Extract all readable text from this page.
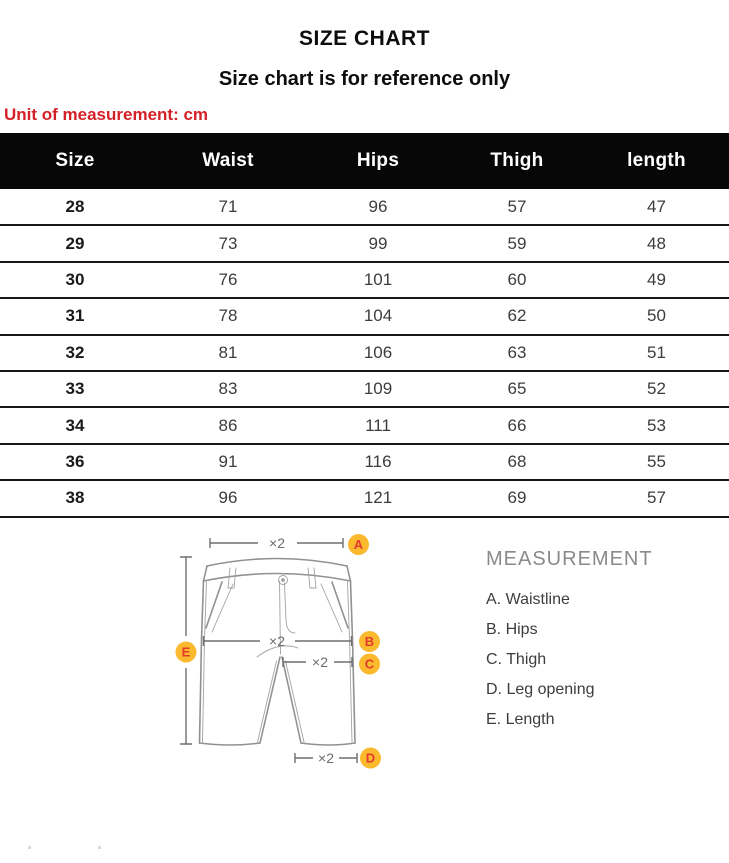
SIZE CHART

Size chart is for reference only

Unit of measurement: cm

Size	Waist	Hips	Thigh	length
28	71	96	57	47
29	73	99	59	48
30	76	101	60	49
31	78	104	62	50
32	81	106	63	51
33	83	109	65	52
34	86	111	66	53
36	91	116	68	55
38	96	121	69	57
×2
×2
×2
×2
A
B
C
D
E

MEASUREMENT

A. Waistline
B. Hips
C. Thigh
D. Leg opening
E. Length
